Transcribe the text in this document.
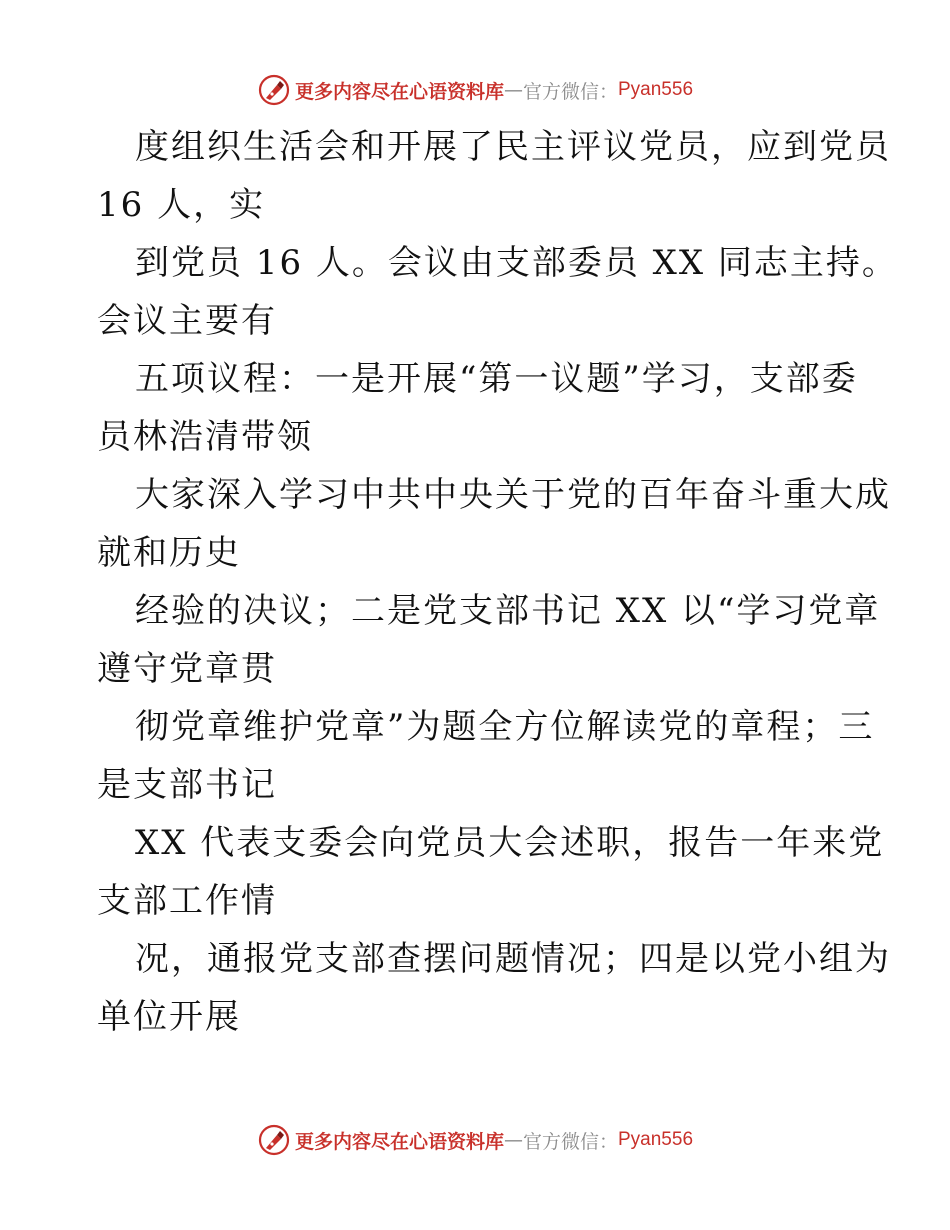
更多内容尽在心语资料库 — 官方微信： Pyan556
度组织生活会和开展了民主评议党员，应到党员
16 人，实
到党员 16 人。会议由支部委员 XX 同志主持。
会议主要有
五项议程：一是开展“第一议题”学习，支部委
员林浩清带领
大家深入学习中共中央关于党的百年奋斗重大成
就和历史
经验的决议；二是党支部书记 XX 以“学习党章
遵守党章贯
彻党章维护党章”为题全方位解读党的章程；三
是支部书记
XX 代表支委会向党员大会述职，报告一年来党
支部工作情
况，通报党支部查摆问题情况；四是以党小组为
单位开展
更多内容尽在心语资料库 — 官方微信： Pyan556
